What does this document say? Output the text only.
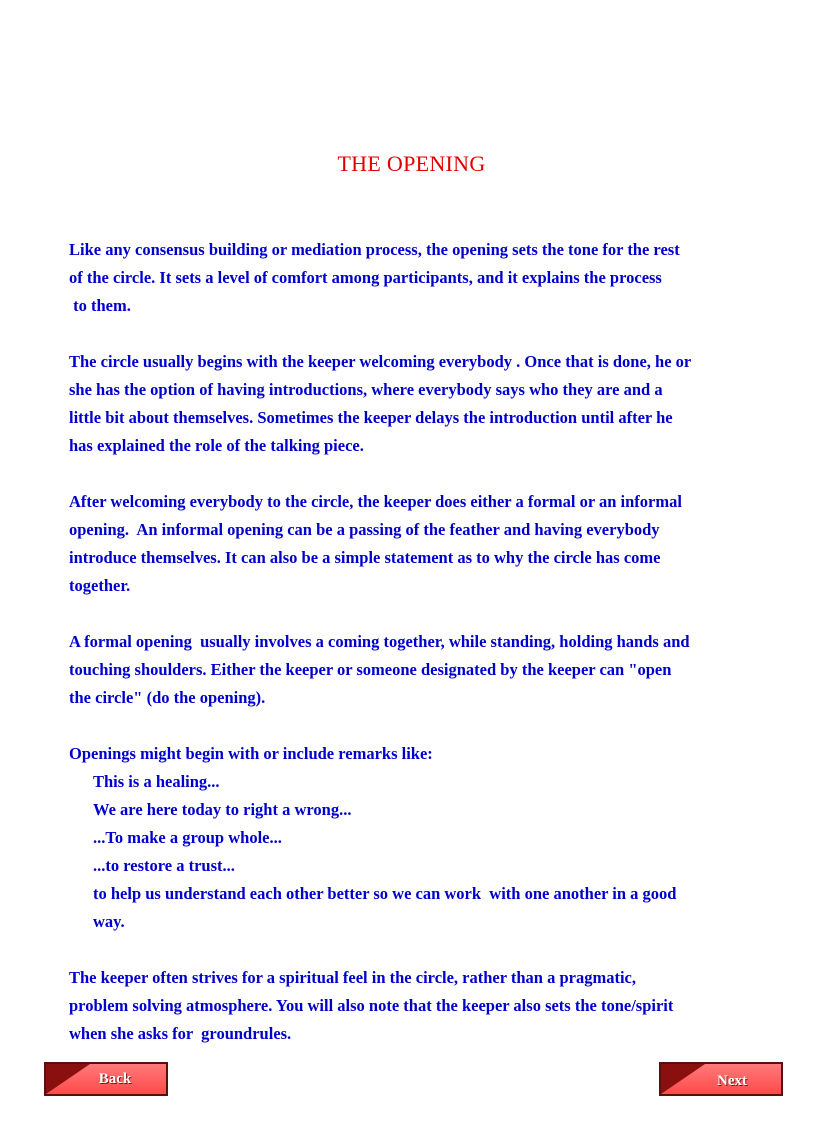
THE OPENING
Like any consensus building or mediation process, the opening sets the tone for the rest
of the circle. It sets a level of comfort among participants, and it explains the process
to them.
The circle usually begins with the keeper welcoming everybody . Once that is done, he or
she has the option of having introductions, where everybody says who they are and a
little bit about themselves. Sometimes the keeper delays the introduction until after he
has explained the role of the talking piece.
After welcoming everybody to the circle, the keeper does either a formal or an informal
opening.  An informal opening can be a passing of the feather and having everybody
introduce themselves. It can also be a simple statement as to why the circle has come
together.
A formal opening  usually involves a coming together, while standing, holding hands and
touching shoulders. Either the keeper or someone designated by the keeper can "open
the circle" (do the opening).
Openings might begin with or include remarks like:
This is a healing...
We are here today to right a wrong...
...To make a group whole...
...to restore a trust...
to help us understand each other better so we can work  with one another in a good
way.
The keeper often strives for a spiritual feel in the circle, rather than a pragmatic,
problem solving atmosphere. You will also note that the keeper also sets the tone/spirit
when she asks for  groundrules.
Back	Next
